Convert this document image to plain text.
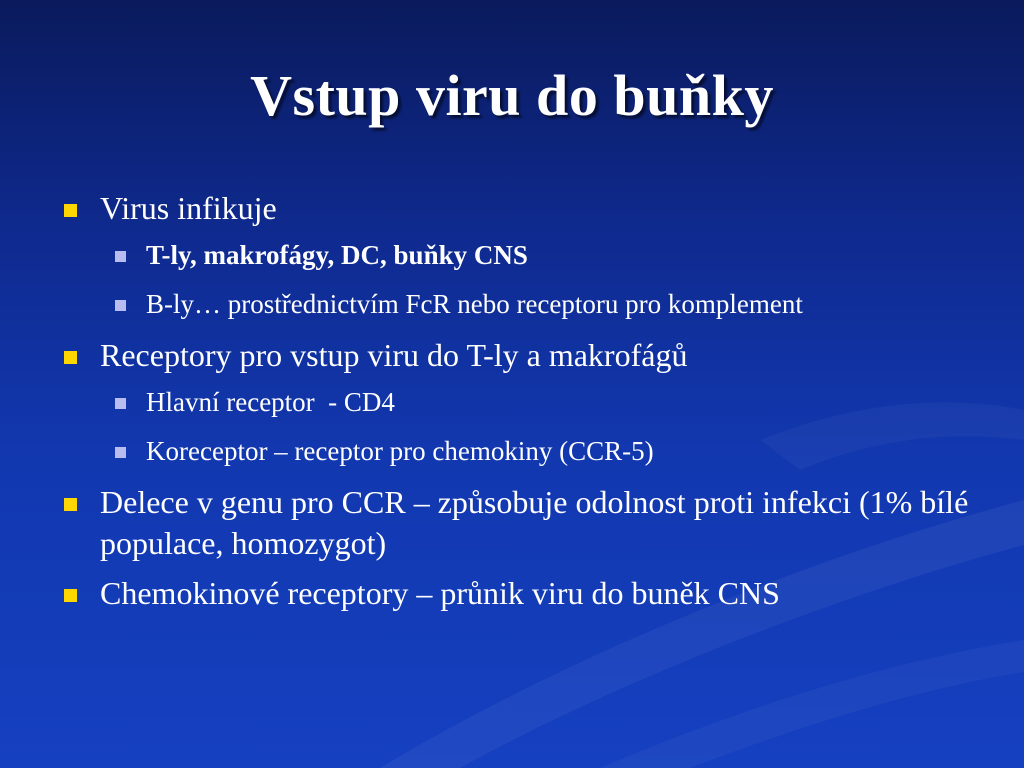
Vstup viru do buňky
Virus infikuje
T-ly, makrofágy, DC, buňky CNS
B-ly… prostřednictvím FcR nebo receptoru pro komplement
Receptory pro vstup viru do T-ly a makrofágů
Hlavní receptor  - CD4
Koreceptor – receptor pro chemokiny (CCR-5)
Delece v genu pro CCR – způsobuje odolnost proti infekci (1% bílé populace, homozygot)
Chemokinové receptory – průnik viru do buněk CNS
